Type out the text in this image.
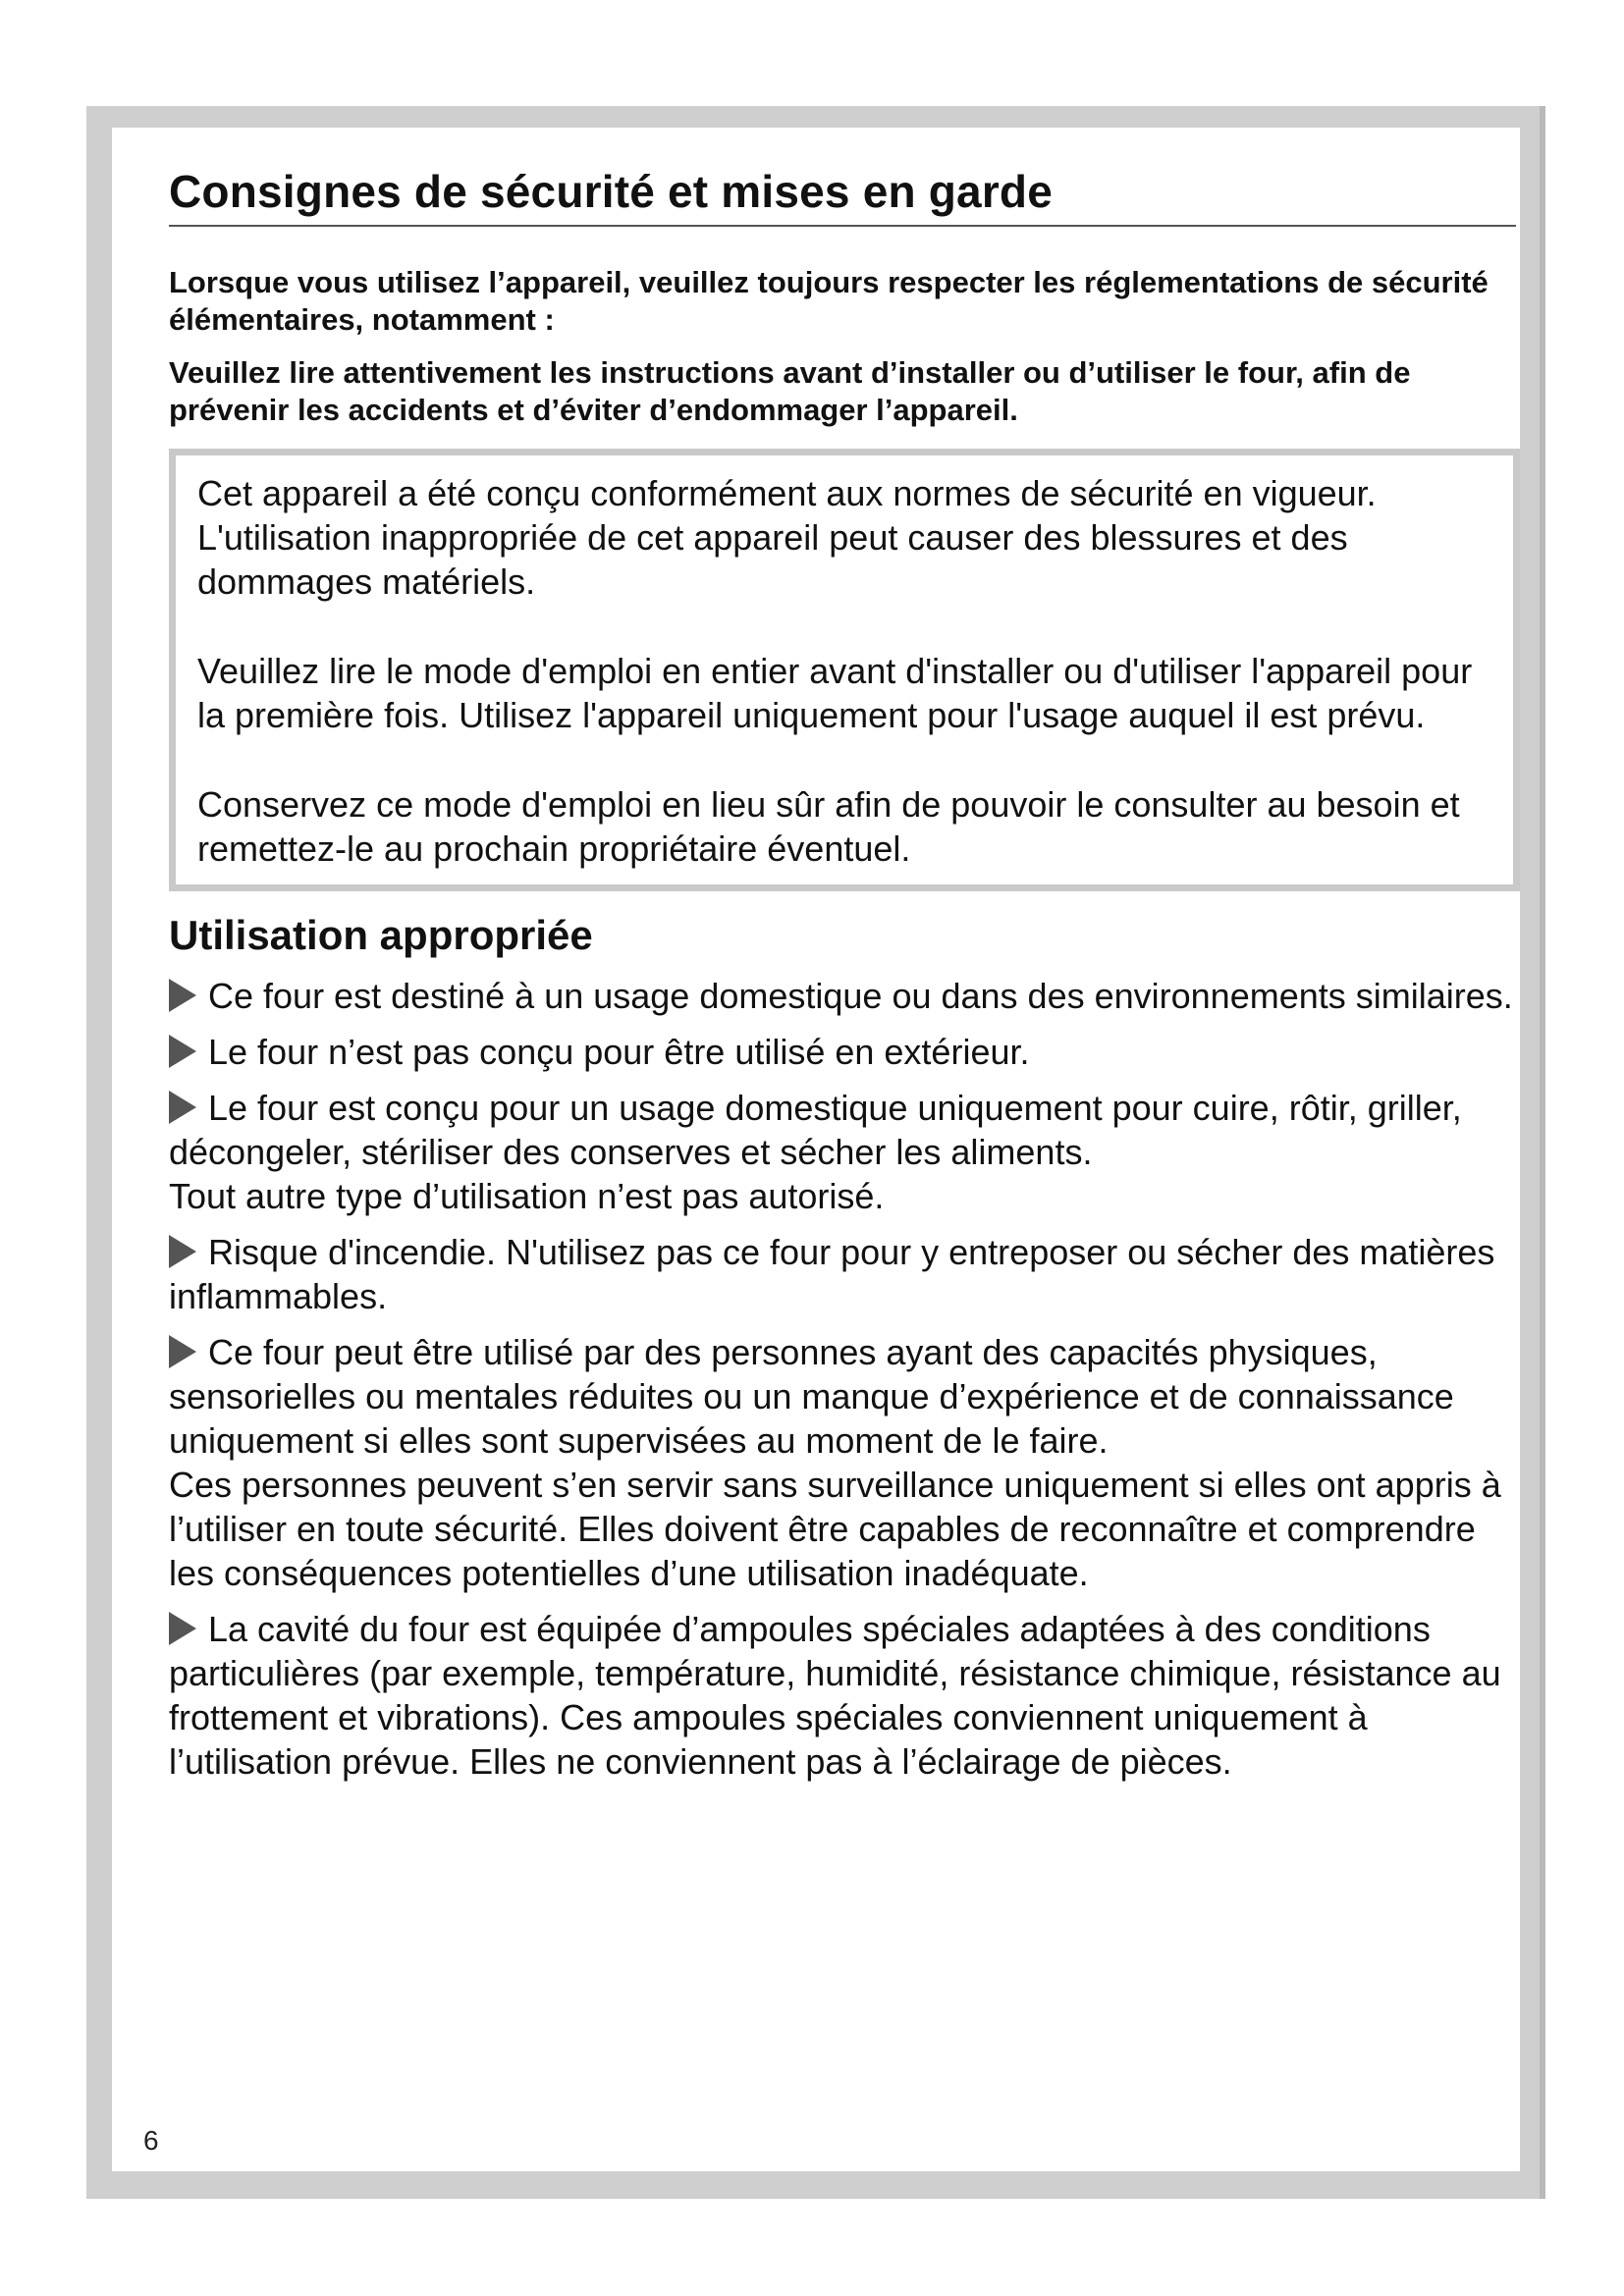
Consignes de sécurité et mises en garde

Lorsque vous utilisez l’appareil, veuillez toujours respecter les réglementations de sécurité élémentaires, notamment :

Veuillez lire attentivement les instructions avant d’installer ou d’utiliser le four, afin de prévenir les accidents et d’éviter d’endommager l’appareil.

Cet appareil a été conçu conformément aux normes de sécurité en vigueur. L'utilisation inappropriée de cet appareil peut causer des blessures et des dommages matériels.

Veuillez lire le mode d'emploi en entier avant d'installer ou d'utiliser l'appareil pour la première fois. Utilisez l'appareil uniquement pour l'usage auquel il est prévu.

Conservez ce mode d'emploi en lieu sûr afin de pouvoir le consulter au besoin et remettez-le au prochain propriétaire éventuel.

Utilisation appropriée
Ce four est destiné à un usage domestique ou dans des environnements similaires.
Le four n’est pas conçu pour être utilisé en extérieur.
Le four est conçu pour un usage domestique uniquement pour cuire, rôtir, griller, décongeler, stériliser des conserves et sécher les aliments.
Tout autre type d’utilisation n’est pas autorisé.
Risque d'incendie. N'utilisez pas ce four pour y entreposer ou sécher des matières inflammables.
Ce four peut être utilisé par des personnes ayant des capacités physiques, sensorielles ou mentales réduites ou un manque d’expérience et de connaissance uniquement si elles sont supervisées au moment de le faire.
Ces personnes peuvent s’en servir sans surveillance uniquement si elles ont appris à l’utiliser en toute sécurité. Elles doivent être capables de reconnaître et comprendre les conséquences potentielles d’une utilisation inadéquate.
La cavité du four est équipée d’ampoules spéciales adaptées à des conditions particulières (par exemple, température, humidité, résistance chimique, résistance au frottement et vibrations). Ces ampoules spéciales conviennent uniquement à l’utilisation prévue. Elles ne conviennent pas à l’éclairage de pièces.
6
